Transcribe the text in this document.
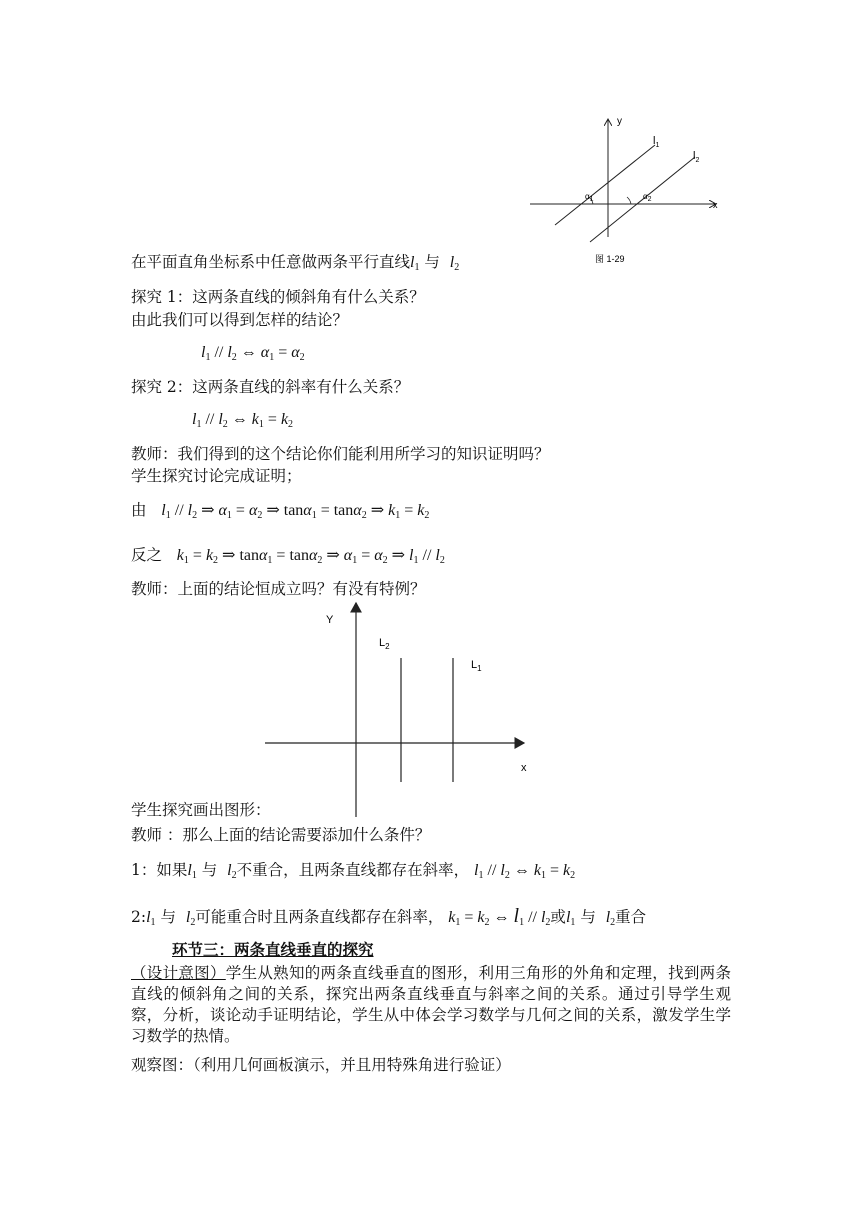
y
x
$l_1$
$l_2$
α1	α2
图 1-29
在平面直角坐标系中任意做两条平行直线$l_1$ 与 $l_2$
探究 1：这两条直线的倾斜角有什么关系？
由此我们可以得到怎样的结论？
$l_1 // l_2$ ⇔ $\alpha_1 = \alpha_2$
探究 2：这两条直线的斜率有什么关系？
$l_1 // l_2$ ⇔ $k_1 = k_2$
教师：我们得到的这个结论你们能利用所学习的知识证明吗？
学生探究讨论完成证明；
由 $l_1 // l_2$ ⇒ $\alpha_1 = \alpha_2$ ⇒ tanα$_1$ = tanα$_2$ ⇒ $k_1 = k_2$
反之 $k_1 = k_2$ ⇒ tanα$_1$ = tanα$_2$ ⇒ $\alpha_1 = \alpha_2$ ⇒ $l_1 // l_2$
教师：上面的结论恒成立吗？有没有特例？
Y
x
$L_2$
$L_1$
学生探究画出图形：
教师 ：那么上面的结论需要添加什么条件？
1：如果$l_1$ 与 $l_2$不重合，且两条直线都存在斜率， $l_1 // l_2$ ⇔ $k_1 = k_2$
$2:l_1$ 与 $l_2$可能重合时且两条直线都存在斜率， $k_1 = k_2$ ⇔ $l_1 // l_2$或$l_1$ 与 $l_2$重合
环节三：两条直线垂直的探究
（设计意图）学生从熟知的两条直线垂直的图形，利用三角形的外角和定理，找到两条直线的倾斜角之间的关系，探究出两条直线垂直与斜率之间的关系。通过引导学生观察，分析，谈论动手证明结论，学生从中体会学习数学与几何之间的关系，激发学生学习数学的热情。
观察图：（利用几何画板演示，并且用特殊角进行验证）
